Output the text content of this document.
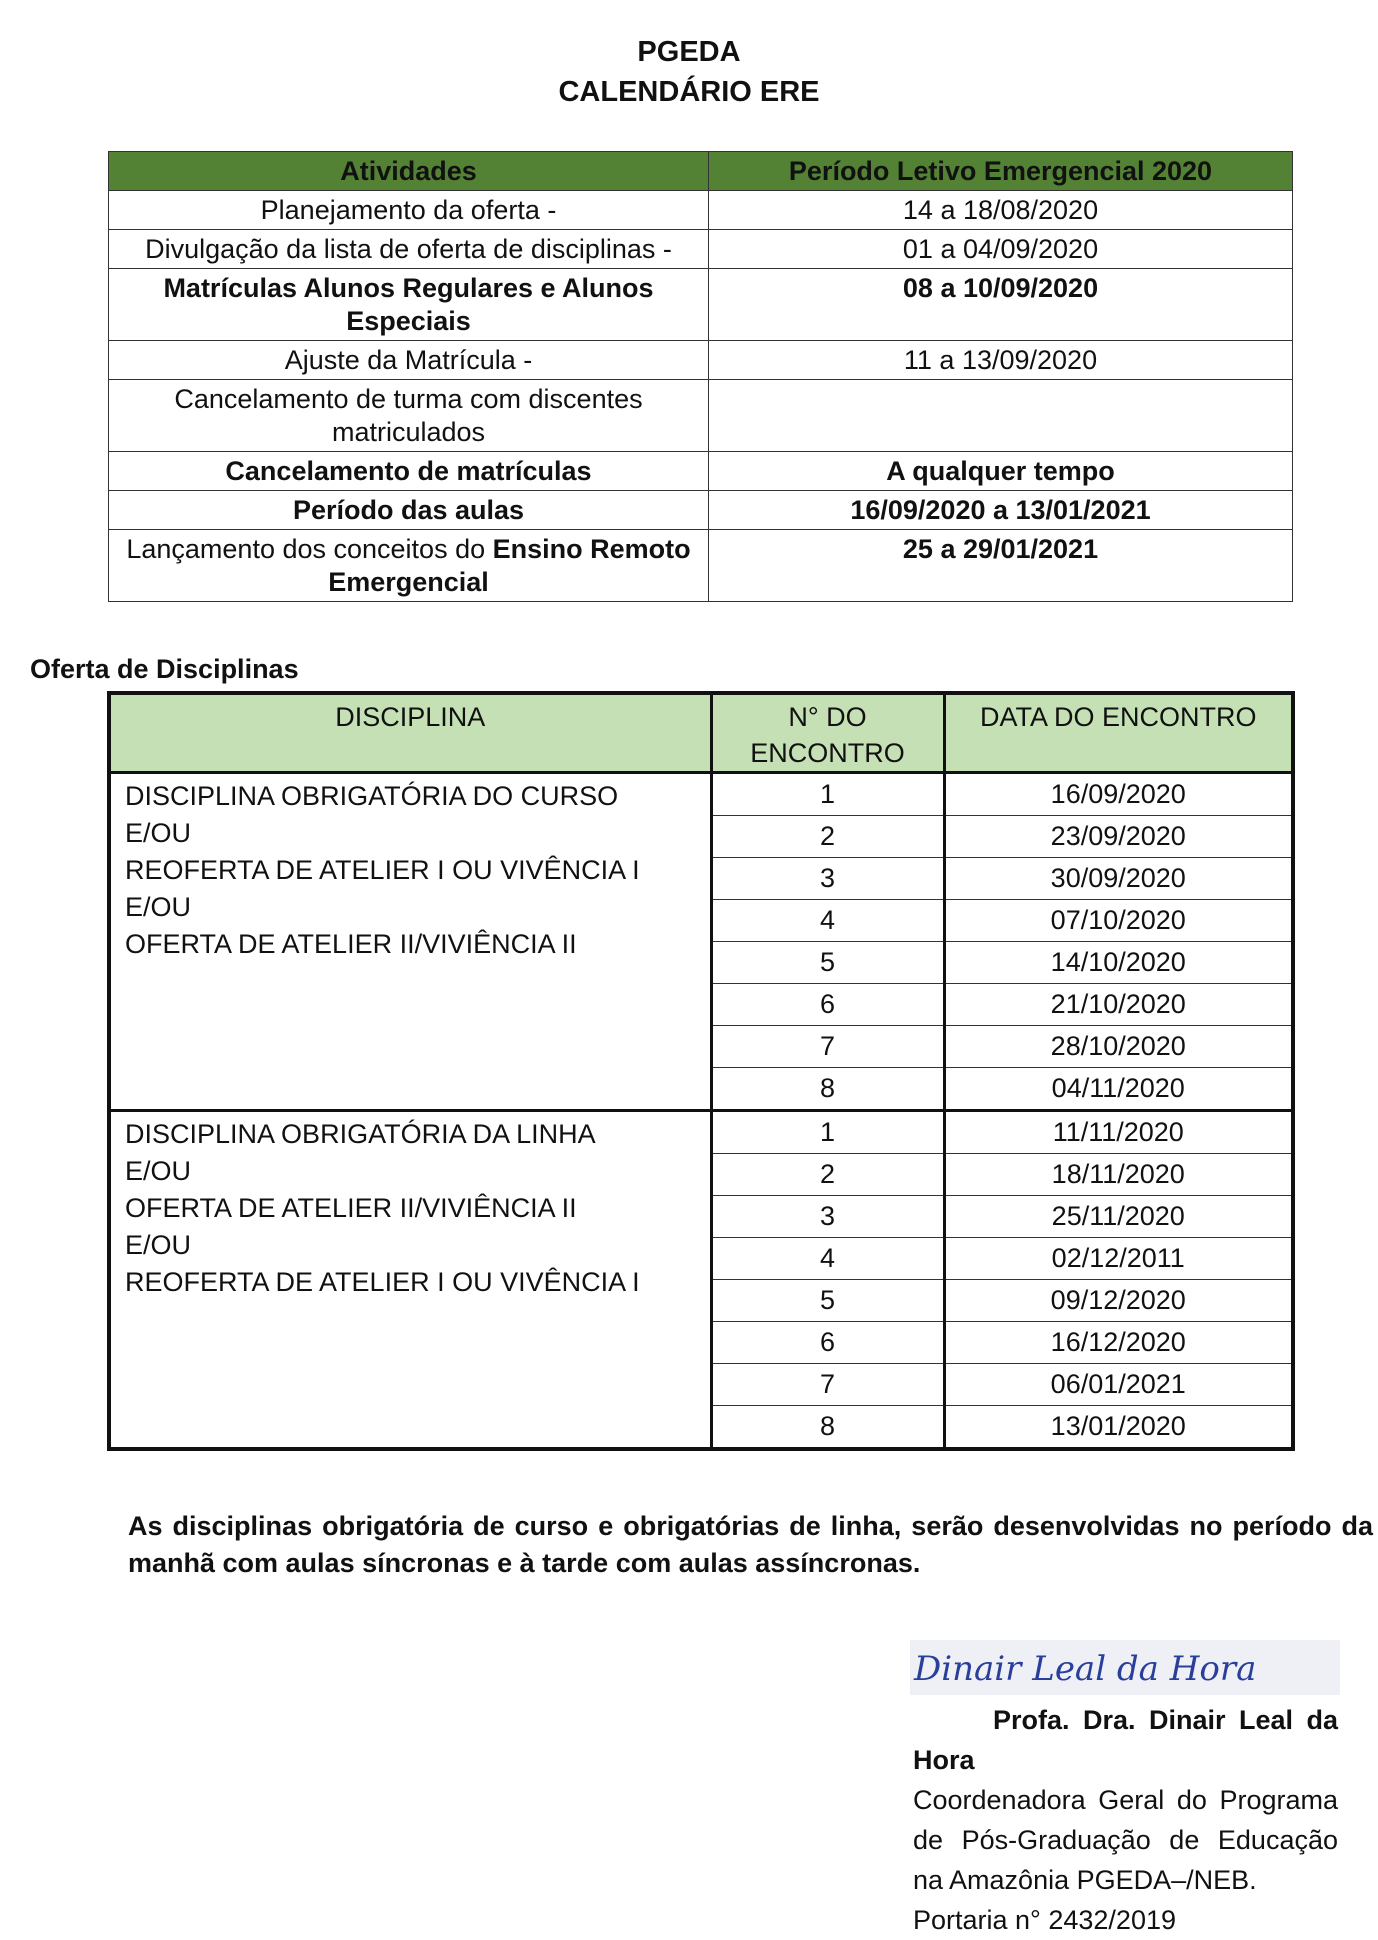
PGEDA
CALENDÁRIO ERE
Atividades	Período Letivo Emergencial 2020
Planejamento da oferta -	14 a 18/08/2020
Divulgação da lista de oferta de disciplinas -	01 a 04/09/2020
Matrículas Alunos Regulares e Alunos Especiais	08 a 10/09/2020
Ajuste da Matrícula -	11 a 13/09/2020
Cancelamento de turma com discentes matriculados	
Cancelamento de matrículas	A qualquer tempo
Período das aulas	16/09/2020 a 13/01/2021
Lançamento dos conceitos do Ensino Remoto Emergencial	25 a 29/01/2021
Oferta de Disciplinas
DISCIPLINA	N° DO ENCONTRO	DATA DO ENCONTRO

DISCIPLINA OBRIGATÓRIA DO CURSO
E/OU
REOFERTA DE ATELIER I OU VIVÊNCIA I
E/OU
OFERTA DE ATELIER II/VIVIÊNCIA II	1	16/09/2020
	2	23/09/2020
	3	30/09/2020
	4	07/10/2020
	5	14/10/2020
	6	21/10/2020
	7	28/10/2020
	8	04/11/2020

DISCIPLINA OBRIGATÓRIA DA LINHA
E/OU
OFERTA DE ATELIER II/VIVIÊNCIA II
E/OU
REOFERTA DE ATELIER I OU VIVÊNCIA I	1	11/11/2020
	2	18/11/2020
	3	25/11/2020
	4	02/12/2011
	5	09/12/2020
	6	16/12/2020
	7	06/01/2021
	8	13/01/2020
As disciplinas obrigatória de curso e obrigatórias de linha, serão desenvolvidas no período da manhã com aulas síncronas e à tarde com aulas assíncronas.
Dinair Leal da Hora
Profa. Dra. Dinair Leal da Hora
Coordenadora Geral do Programa de Pós-Graduação de Educação na Amazônia PGEDA–/NEB.
Portaria n° 2432/2019
